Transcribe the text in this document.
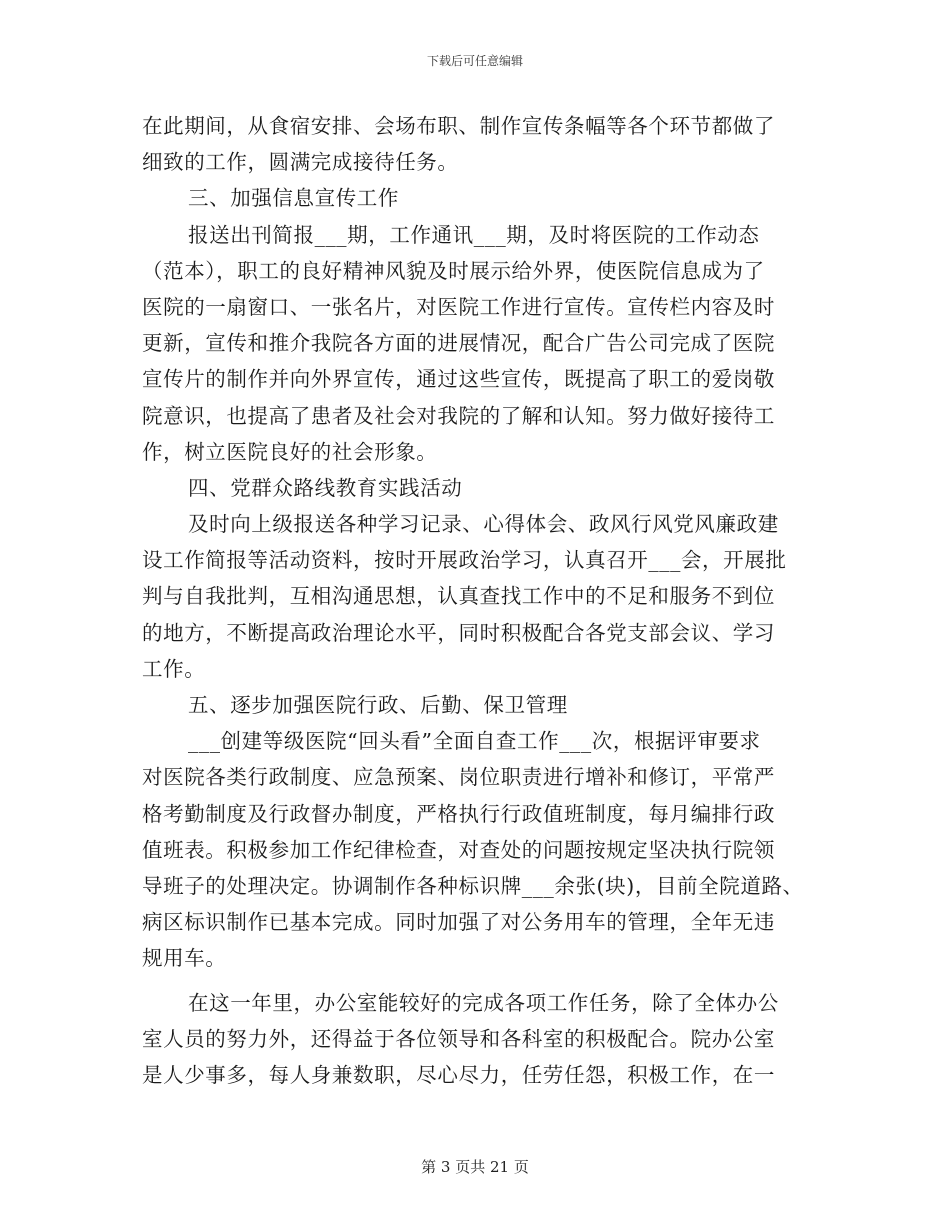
下载后可任意编辑
在此期间，从食宿安排、会场布职、制作宣传条幅等各个环节都做了
细致的工作，圆满完成接待任务。
三、加强信息宣传工作
报送出刊简报___期，工作通讯___期，及时将医院的工作动态
（范本），职工的良好精神风貌及时展示给外界，使医院信息成为了
医院的一扇窗口、一张名片，对医院工作进行宣传。宣传栏内容及时
更新，宣传和推介我院各方面的进展情况，配合广告公司完成了医院
宣传片的制作并向外界宣传，通过这些宣传，既提高了职工的爱岗敬
院意识，也提高了患者及社会对我院的了解和认知。努力做好接待工
作，树立医院良好的社会形象。
四、党群众路线教育实践活动
及时向上级报送各种学习记录、心得体会、政风行风党风廉政建
设工作简报等活动资料，按时开展政治学习，认真召开___会，开展批
判与自我批判，互相沟通思想，认真查找工作中的不足和服务不到位
的地方，不断提高政治理论水平，同时积极配合各党支部会议、学习
工作。
五、逐步加强医院行政、后勤、保卫管理
___创建等级医院“回头看”全面自查工作___次，根据评审要求
对医院各类行政制度、应急预案、岗位职责进行增补和修订，平常严
格考勤制度及行政督办制度，严格执行行政值班制度，每月编排行政
值班表。积极参加工作纪律检查，对查处的问题按规定坚决执行院领
导班子的处理决定。协调制作各种标识牌___余张(块)，目前全院道路、
病区标识制作已基本完成。同时加强了对公务用车的管理，全年无违
规用车。
在这一年里，办公室能较好的完成各项工作任务，除了全体办公
室人员的努力外，还得益于各位领导和各科室的积极配合。院办公室
是人少事多，每人身兼数职，尽心尽力，任劳任怨，积极工作，在一
第 3 页共 21 页
